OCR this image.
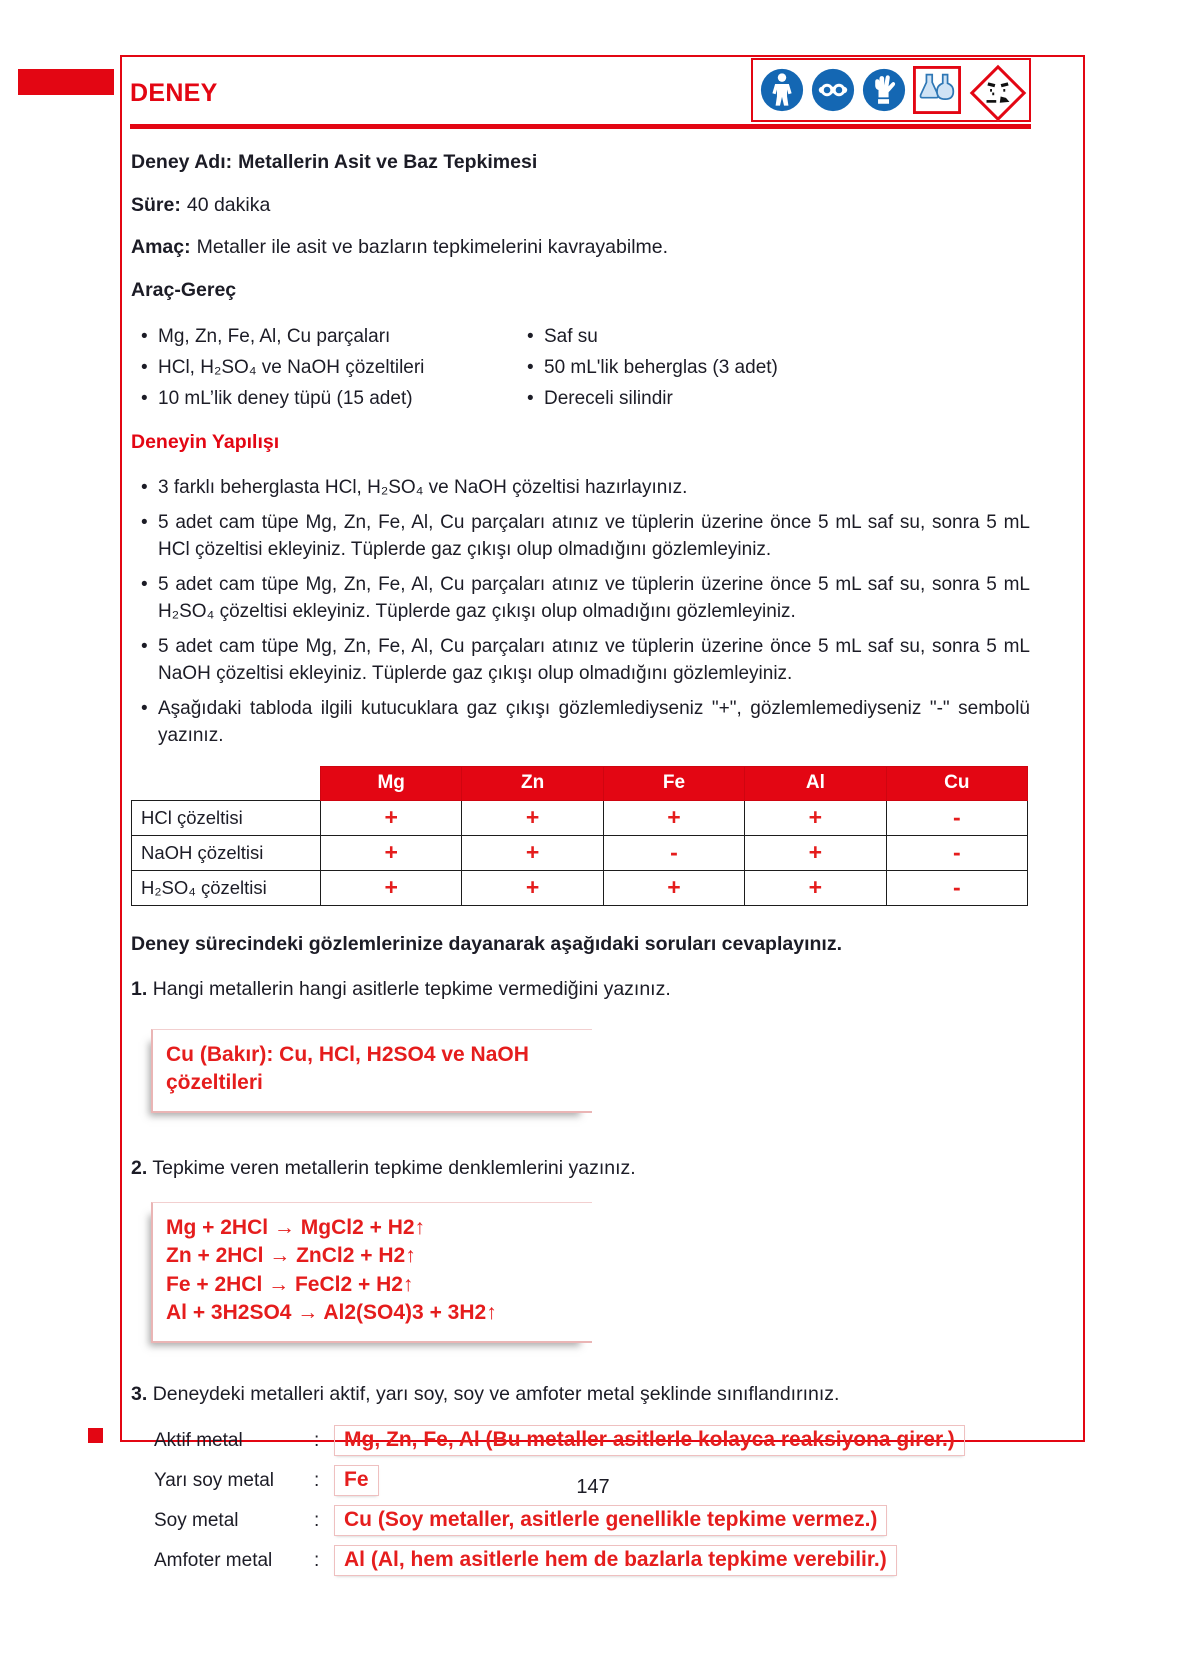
DENEY

Deney Adı: Metallerin Asit ve Baz Tepkimesi

Süre: 40 dakika

Amaç: Metaller ile asit ve bazların tepkimelerini kavrayabilme.

Araç-Gereç

• Mg, Zn, Fe, Al, Cu parçaları
• HCl, H₂SO₄ ve NaOH çözeltileri
• 10 mL’lik deney tüpü (15 adet)
• Saf su
• 50 mL'lik beherglas (3 adet)
• Dereceli silindir

Deneyin Yapılışı

• 3 farklı beherglasta HCl, H₂SO₄ ve NaOH çözeltisi hazırlayınız.
• 5 adet cam tüpe Mg, Zn, Fe, Al, Cu parçaları atınız ve tüplerin üzerine önce 5 mL saf su, sonra 5 mL HCl çözeltisi ekleyiniz. Tüplerde gaz çıkışı olup olmadığını gözlemleyiniz.
• 5 adet cam tüpe Mg, Zn, Fe, Al, Cu parçaları atınız ve tüplerin üzerine önce 5 mL saf su, sonra 5 mL H₂SO₄ çözeltisi ekleyiniz. Tüplerde gaz çıkışı olup olmadığını gözlemleyiniz.
• 5 adet cam tüpe Mg, Zn, Fe, Al, Cu parçaları atınız ve tüplerin üzerine önce 5 mL saf su, sonra 5 mL NaOH çözeltisi ekleyiniz. Tüplerde gaz çıkışı olup olmadığını gözlemleyiniz.
• Aşağıdaki tabloda ilgili kutucuklara gaz çıkışı gözlemlediyseniz "+", gözlemlemediyseniz "-" sembolü yazınız.
	Mg	Zn	Fe	Al	Cu
HCl çözeltisi	+	+	+	+	-
NaOH çözeltisi	+	+	-	+	-
H₂SO₄ çözeltisi	+	+	+	+	-

Deney sürecindeki gözlemlerinize dayanarak aşağıdaki soruları cevaplayınız.

1. Hangi metallerin hangi asitlerle tepkime vermediğini yazınız.

Cu (Bakır): Cu, HCl, H2SO4 ve NaOH
çözeltileri

2. Tepkime veren metallerin tepkime denklemlerini yazınız.

Mg + 2HCl → MgCl2 + H2↑
Zn + 2HCl → ZnCl2 + H2↑
Fe + 2HCl → FeCl2 + H2↑
Al + 3H2SO4 → Al2(SO4)3 + 3H2↑

3. Deneydeki metalleri aktif, yarı soy, soy ve amfoter metal şeklinde sınıflandırınız.

Aktif metal	:	Mg, Zn, Fe, Al (Bu metaller asitlerle kolayca reaksiyona girer.)
Yarı soy metal	:	Fe
Soy metal	:	Cu (Soy metaller, asitlerle genellikle tepkime vermez.)
Amfoter metal	:	Al (Al, hem asitlerle hem de bazlarla tepkime verebilir.)
147
